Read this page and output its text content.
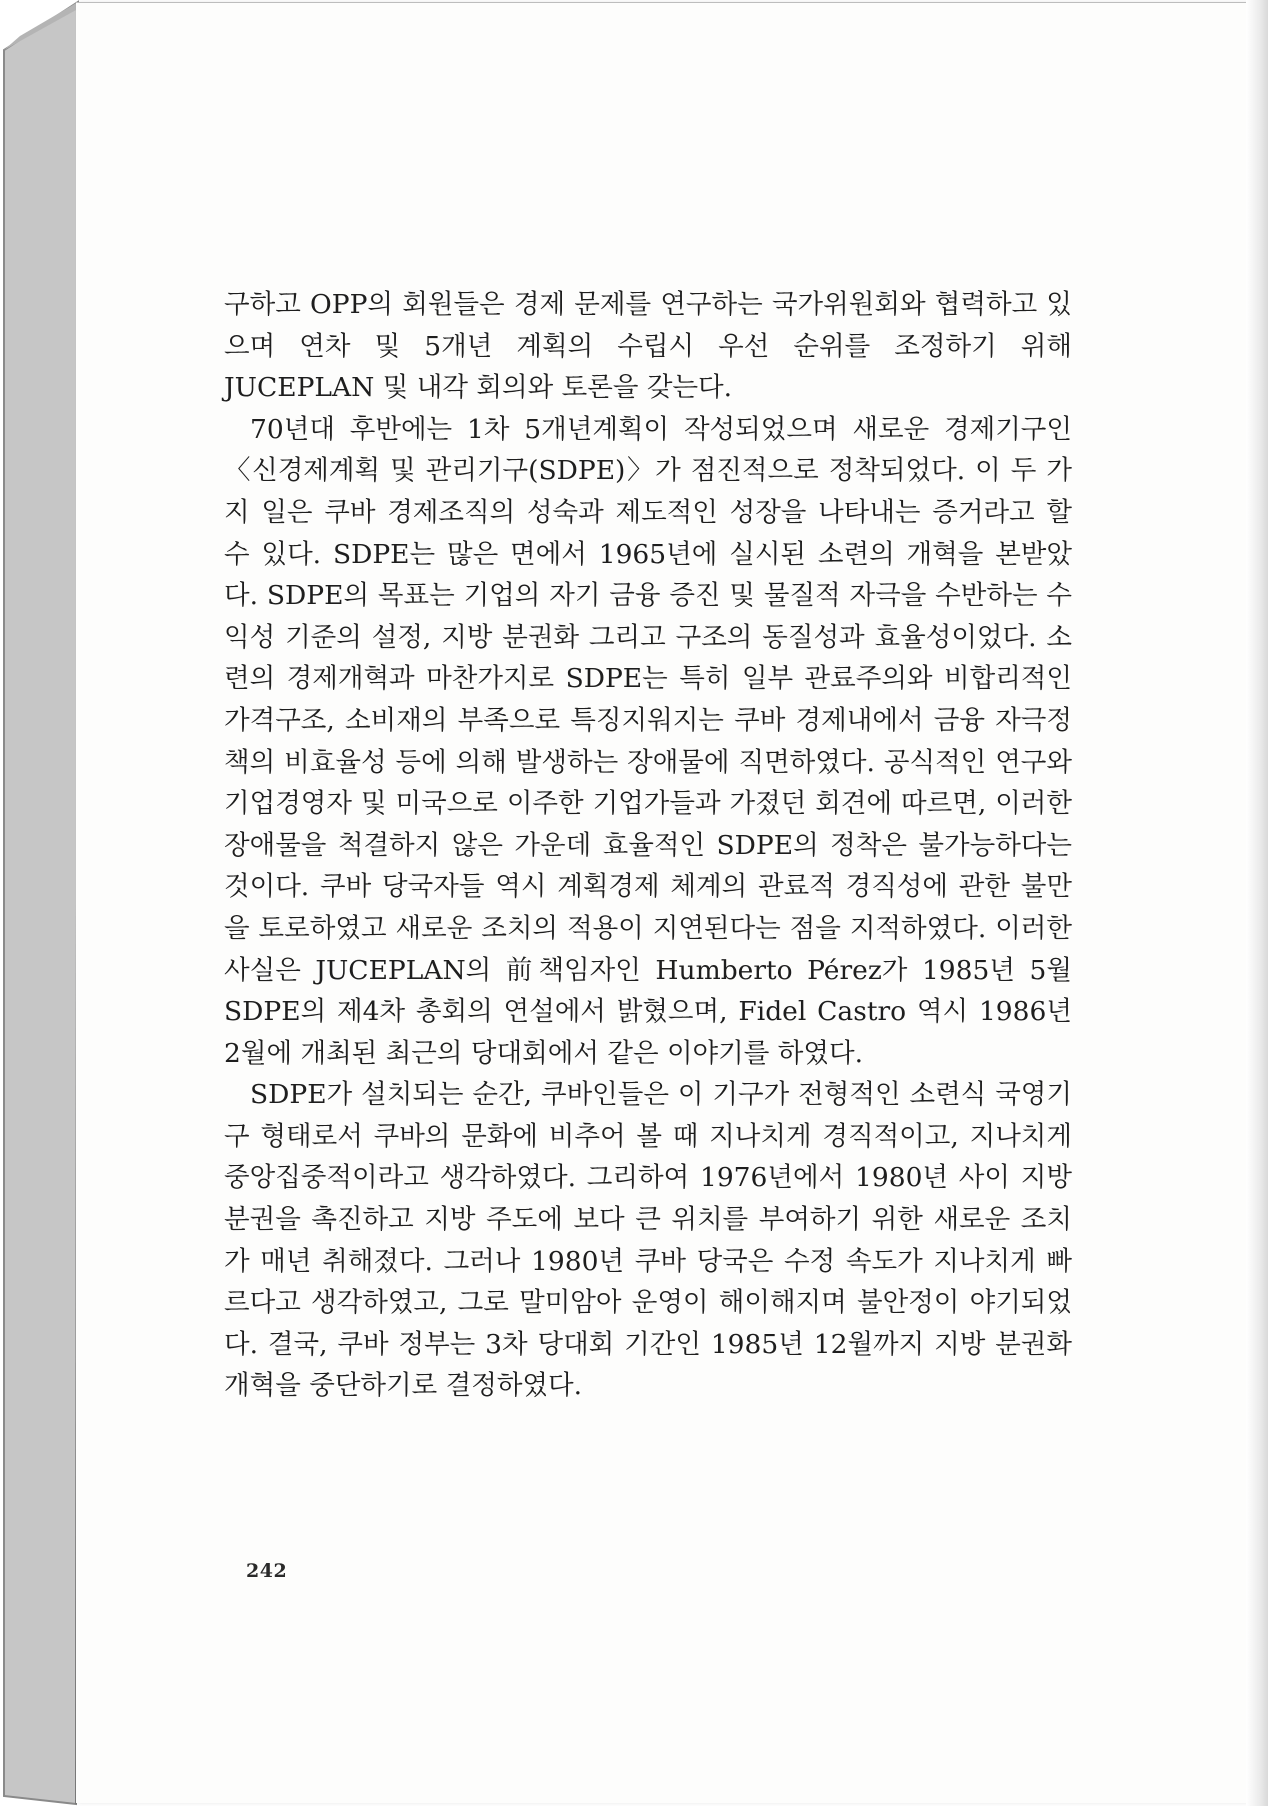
구하고 OPP의 회원들은 경제 문제를 연구하는 국가위원회와 협력하고 있으며 연차 및 5개년 계획의 수립시 우선 순위를 조정하기 위해 JUCEPLAN 및 내각 회의와 토론을 갖는다.

70년대 후반에는 1차 5개년계획이 작성되었으며 새로운 경제기구인 〈신경제계획 및 관리기구(SDPE)〉가 점진적으로 정착되었다. 이 두 가지 일은 쿠바 경제조직의 성숙과 제도적인 성장을 나타내는 증거라고 할 수 있다. SDPE는 많은 면에서 1965년에 실시된 소련의 개혁을 본받았다. SDPE의 목표는 기업의 자기 금융 증진 및 물질적 자극을 수반하는 수익성 기준의 설정, 지방 분권화 그리고 구조의 동질성과 효율성이었다. 소련의 경제개혁과 마찬가지로 SDPE는 특히 일부 관료주의와 비합리적인 가격구조, 소비재의 부족으로 특징지워지는 쿠바 경제내에서 금융 자극정책의 비효율성 등에 의해 발생하는 장애물에 직면하였다. 공식적인 연구와 기업경영자 및 미국으로 이주한 기업가들과 가졌던 회견에 따르면, 이러한 장애물을 척결하지 않은 가운데 효율적인 SDPE의 정착은 불가능하다는 것이다. 쿠바 당국자들 역시 계획경제 체계의 관료적 경직성에 관한 불만을 토로하였고 새로운 조치의 적용이 지연된다는 점을 지적하였다. 이러한 사실은 JUCEPLAN의 前책임자인 Humberto Pérez가 1985년 5월 SDPE의 제4차 총회의 연설에서 밝혔으며, Fidel Castro 역시 1986년 2월에 개최된 최근의 당대회에서 같은 이야기를 하였다.

SDPE가 설치되는 순간, 쿠바인들은 이 기구가 전형적인 소련식 국영기구 형태로서 쿠바의 문화에 비추어 볼 때 지나치게 경직적이고, 지나치게 중앙집중적이라고 생각하였다. 그리하여 1976년에서 1980년 사이 지방 분권을 촉진하고 지방 주도에 보다 큰 위치를 부여하기 위한 새로운 조치가 매년 취해졌다. 그러나 1980년 쿠바 당국은 수정 속도가 지나치게 빠르다고 생각하였고, 그로 말미암아 운영이 해이해지며 불안정이 야기되었다. 결국, 쿠바 정부는 3차 당대회 기간인 1985년 12월까지 지방 분권화 개혁을 중단하기로 결정하였다.

242
